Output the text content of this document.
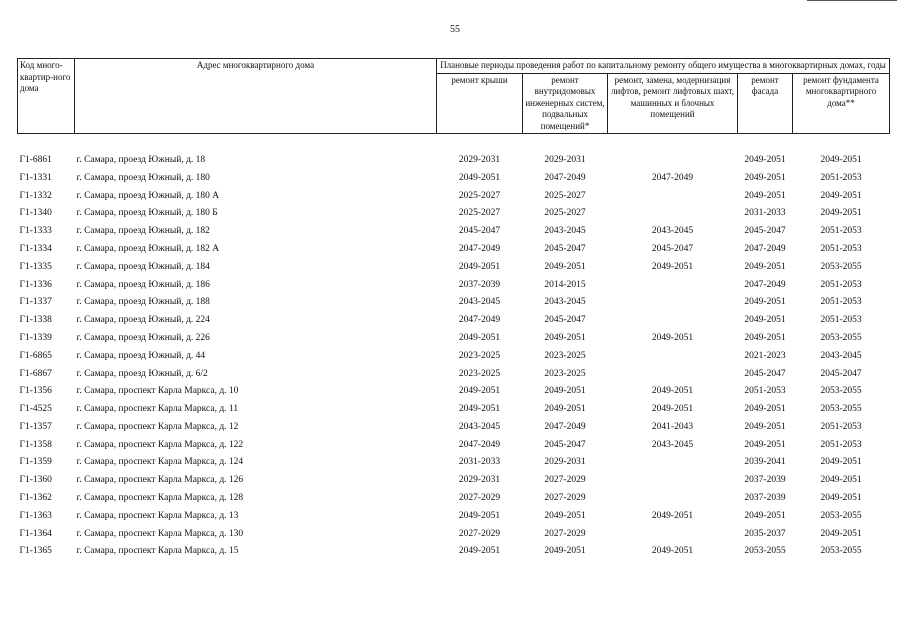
55
Код много-квартир-ного дома	Адрес многоквартирного дома	Плановые периоды проведения работ по капитальному ремонту общего имущества в многоквартирных домах, годы				
		ремонт крыши	ремонт внутридомовых инженерных систем, подвальных помещений*	ремонт, замена, модернизация лифтов, ремонт лифтовых шахт, машинных и блочных помещений	ремонт фасада	ремонт фундамента многоквартирного дома**

Г1-6861	г. Самара, проезд Южный, д. 18	2029-2031	2029-2031		2049-2051	2049-2051
Г1-1331	г. Самара, проезд Южный, д. 180	2049-2051	2047-2049	2047-2049	2049-2051	2051-2053
Г1-1332	г. Самара, проезд Южный, д. 180 А	2025-2027	2025-2027		2049-2051	2049-2051
Г1-1340	г. Самара, проезд Южный, д. 180 Б	2025-2027	2025-2027		2031-2033	2049-2051
Г1-1333	г. Самара, проезд Южный, д. 182	2045-2047	2043-2045	2043-2045	2045-2047	2051-2053
Г1-1334	г. Самара, проезд Южный, д. 182 А	2047-2049	2045-2047	2045-2047	2047-2049	2051-2053
Г1-1335	г. Самара, проезд Южный, д. 184	2049-2051	2049-2051	2049-2051	2049-2051	2053-2055
Г1-1336	г. Самара, проезд Южный, д. 186	2037-2039	2014-2015		2047-2049	2051-2053
Г1-1337	г. Самара, проезд Южный, д. 188	2043-2045	2043-2045		2049-2051	2051-2053
Г1-1338	г. Самара, проезд Южный, д. 224	2047-2049	2045-2047		2049-2051	2051-2053
Г1-1339	г. Самара, проезд Южный, д. 226	2049-2051	2049-2051	2049-2051	2049-2051	2053-2055
Г1-6865	г. Самара, проезд Южный, д. 44	2023-2025	2023-2025		2021-2023	2043-2045
Г1-6867	г. Самара, проезд Южный, д. 6/2	2023-2025	2023-2025		2045-2047	2045-2047
Г1-1356	г. Самара, проспект Карла Маркса, д. 10	2049-2051	2049-2051	2049-2051	2051-2053	2053-2055
Г1-4525	г. Самара, проспект Карла Маркса, д. 11	2049-2051	2049-2051	2049-2051	2049-2051	2053-2055
Г1-1357	г. Самара, проспект Карла Маркса, д. 12	2043-2045	2047-2049	2041-2043	2049-2051	2051-2053
Г1-1358	г. Самара, проспект Карла Маркса, д. 122	2047-2049	2045-2047	2043-2045	2049-2051	2051-2053
Г1-1359	г. Самара, проспект Карла Маркса, д. 124	2031-2033	2029-2031		2039-2041	2049-2051
Г1-1360	г. Самара, проспект Карла Маркса, д. 126	2029-2031	2027-2029		2037-2039	2049-2051
Г1-1362	г. Самара, проспект Карла Маркса, д. 128	2027-2029	2027-2029		2037-2039	2049-2051
Г1-1363	г. Самара, проспект Карла Маркса, д. 13	2049-2051	2049-2051	2049-2051	2049-2051	2053-2055
Г1-1364	г. Самара, проспект Карла Маркса, д. 130	2027-2029	2027-2029		2035-2037	2049-2051
Г1-1365	г. Самара, проспект Карла Маркса, д. 15	2049-2051	2049-2051	2049-2051	2053-2055	2053-2055
